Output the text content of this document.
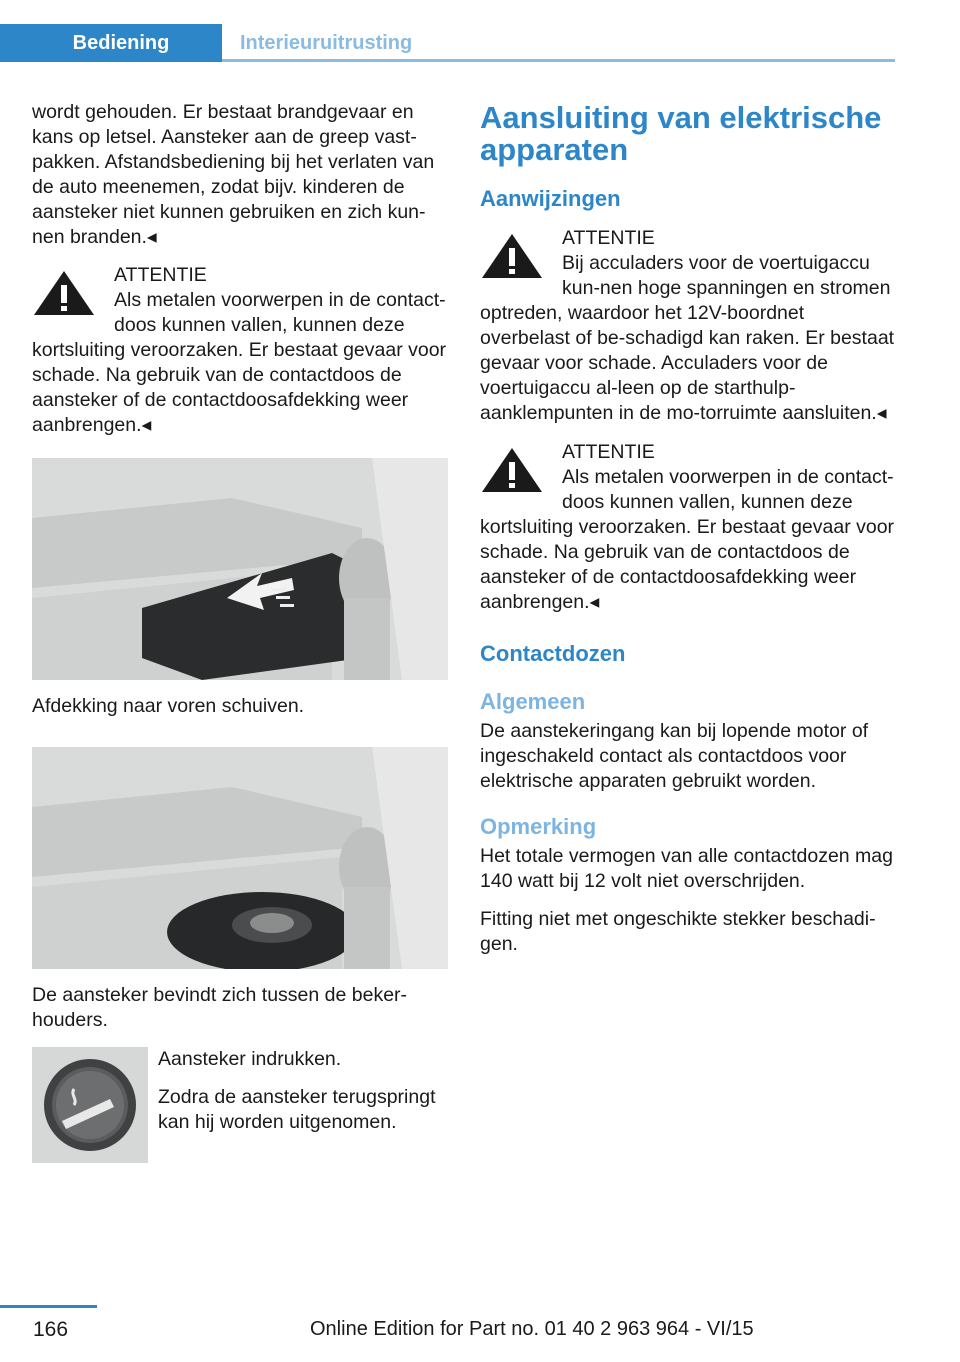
Bediening	Interieuruitrusting

wordt gehouden. Er bestaat brandgevaar en kans op letsel. Aansteker aan de greep vast-pakken. Afstandsbediening bij het verlaten van de auto meenemen, zodat bijv. kinderen de aansteker niet kunnen gebruiken en zich kun-nen branden.◂

ATTENTIE
Als metalen voorwerpen in de contact-doos kunnen vallen, kunnen deze kortsluiting veroorzaken. Er bestaat gevaar voor schade. Na gebruik van de contactdoos de aansteker of de contactdoosafdekking weer aanbrengen.◂

Afdekking naar voren schuiven.

De aansteker bevindt zich tussen de beker-houders.

Aansteker indrukken.

Zodra de aansteker terugspringt kan hij worden uitgenomen.

Aansluiting van elektrische apparaten
Aanwijzingen
ATTENTIE
Bij acculaders voor de voertuigaccu kun-nen hoge spanningen en stromen optreden, waardoor het 12V-boordnet overbelast of be-schadigd kan raken. Er bestaat gevaar voor schade. Acculaders voor de voertuigaccu al-leen op de starthulp-aanklempunten in de mo-torruimte aansluiten.◂
ATTENTIE
Als metalen voorwerpen in de contact-doos kunnen vallen, kunnen deze kortsluiting veroorzaken. Er bestaat gevaar voor schade. Na gebruik van de contactdoos de aansteker of de contactdoosafdekking weer aanbrengen.◂
Contactdozen
Algemeen

De aanstekeringang kan bij lopende motor of ingeschakeld contact als contactdoos voor elektrische apparaten gebruikt worden.

Opmerking

Het totale vermogen van alle contactdozen mag 140 watt bij 12 volt niet overschrijden.

Fitting niet met ongeschikte stekker beschadi-gen.

166	Online Edition for Part no. 01 40 2 963 964 - VI/15
